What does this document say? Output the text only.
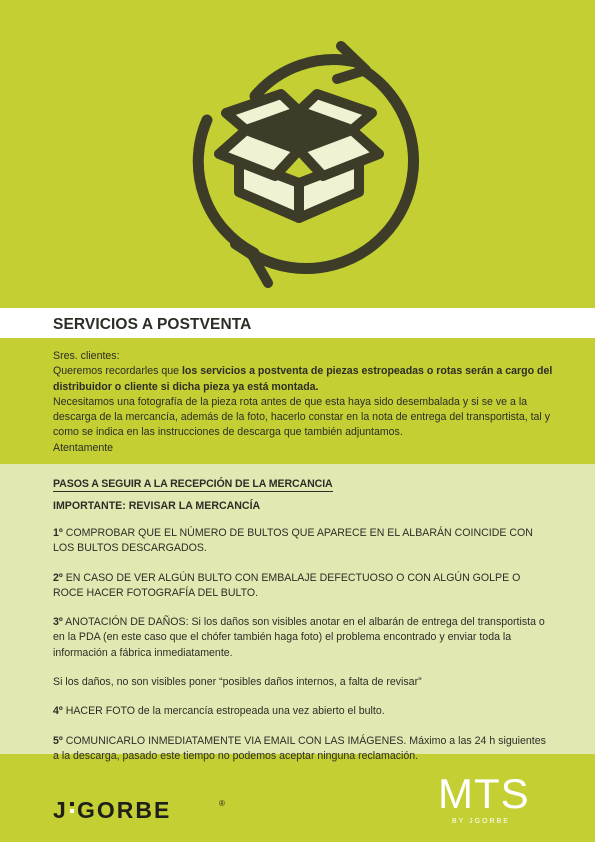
SERVICIOS A POSTVENTA

Sres. clientes:

Queremos recordarles que los servicios a postventa de piezas estropeadas o rotas serán a cargo del distribuidor o cliente si dicha pieza ya está montada.

Necesitamos una fotografía de la pieza rota antes de que esta haya sido desembalada y si se ve a la descarga de la mercancía, además de la foto, hacerlo constar en la nota de entrega del transportista, tal y como se indica en las instrucciones de descarga que también adjuntamos.

Atentamente

PASOS A SEGUIR A LA RECEPCIÓN DE LA MERCANCIA
IMPORTANTE: REVISAR LA MERCANCÍA
1º COMPROBAR QUE EL NÚMERO DE BULTOS QUE APARECE EN EL ALBARÁN COINCIDE CON LOS BULTOS DESCARGADOS.
2º EN CASO DE VER ALGÚN BULTO CON EMBALAJE DEFECTUOSO O CON ALGÚN GOLPE O ROCE HACER FOTOGRAFÍA DEL BULTO.
3º ANOTACIÓN DE DAÑOS: Si los daños son visibles anotar en el albarán de entrega del transportista o en la PDA (en este caso que el chófer también haga foto) el problema encontrado y enviar toda la información a fábrica inmediatamente.
Si los daños, no son visibles poner “posibles daños internos, a falta de revisar”
4º HACER FOTO de la mercancía estropeada una vez abierto el bulto.
5º COMUNICARLO INMEDIATAMENTE VIA EMAIL CON LAS IMÁGENES. Máximo a las 24 h siguientes a la descarga, pasado este tiempo no podemos aceptar ninguna reclamación.
J GORBE	®	MTS
BY JGORBE
